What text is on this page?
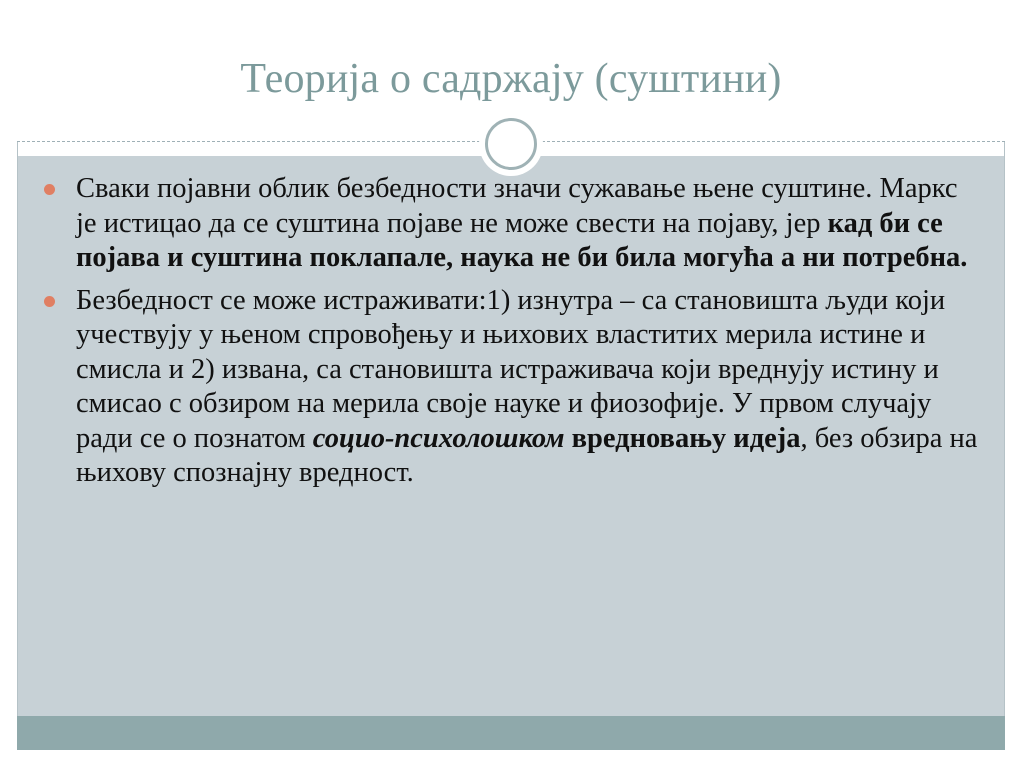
Теорија о садржају (суштини)
Сваки појавни облик безбедности значи сужавање њене суштине. Маркс је истицао да се суштина појаве не може свести на појаву, јер кад би се појава и суштина поклапале, наука не би била могућа а ни потребна.
Безбедност се може истраживати:1) изнутра – са становишта људи који учествују у њеном спровођењу и њихових властитих мерила истине и смисла и 2) извана, са становишта истраживача који вреднују истину и смисао с обзиром на мерила своје науке и фиозофије. У првом случају ради се о познатом социо-психолошком вредновању идеја, без обзира на њихову спознајну вредност.
